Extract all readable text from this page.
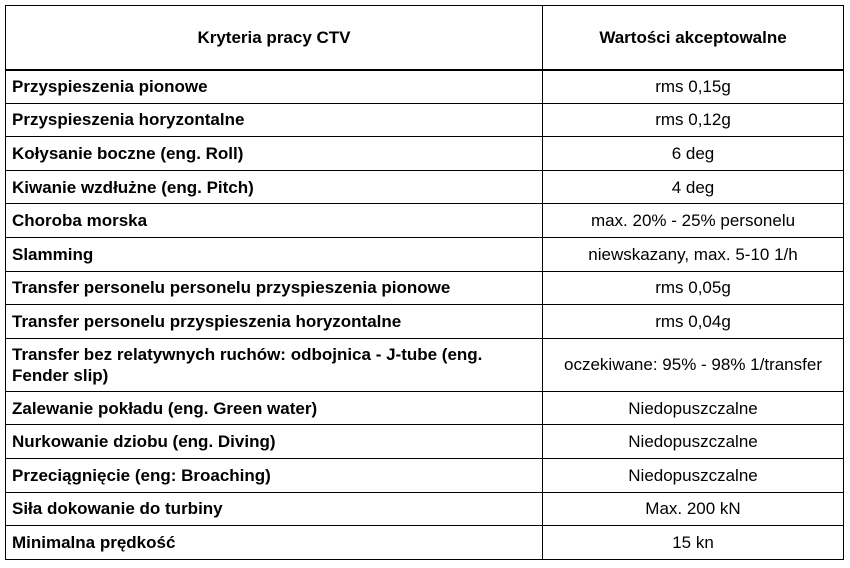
Kryteria pracy CTV	Wartości akceptowalne
Przyspieszenia pionowe	rms 0,15g
Przyspieszenia horyzontalne	rms 0,12g
Kołysanie boczne (eng. Roll)	6 deg
Kiwanie wzdłużne (eng. Pitch)	4 deg
Choroba morska	max. 20% - 25% personelu
Slamming	niewskazany, max. 5-10 1/h
Transfer personelu personelu przyspieszenia pionowe	rms 0,05g
Transfer personelu przyspieszenia horyzontalne	rms 0,04g
Transfer bez relatywnych ruchów: odbojnica - J-tube (eng. Fender slip)	oczekiwane: 95% - 98% 1/transfer
Zalewanie pokładu (eng. Green water)	Niedopuszczalne
Nurkowanie dziobu (eng. Diving)	Niedopuszczalne
Przeciągnięcie (eng: Broaching)	Niedopuszczalne
Siła dokowanie do turbiny	Max. 200 kN
Minimalna prędkość	15 kn
